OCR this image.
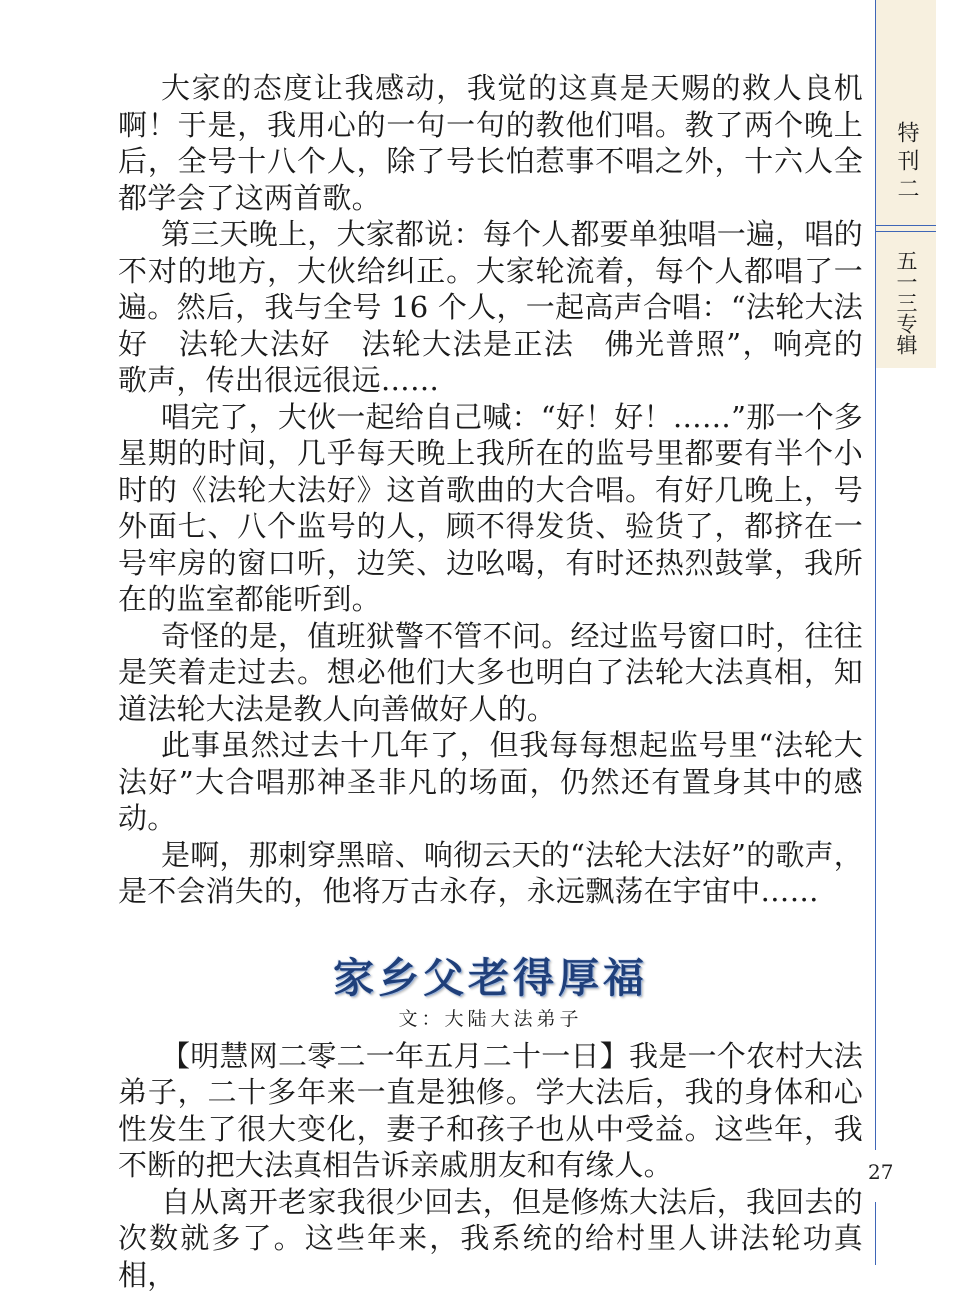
大家的态度让我感动，我觉的这真是天赐的救人良机啊！于是，我用心的一句一句的教他们唱。教了两个晚上后，全号十八个人，除了号长怕惹事不唱之外，十六人全都学会了这两首歌。

第三天晚上，大家都说：每个人都要单独唱一遍，唱的不对的地方，大伙给纠正。大家轮流着，每个人都唱了一遍。然后，我与全号 16 个人，一起高声合唱：“法轮大法好　法轮大法好　法轮大法是正法　佛光普照”，响亮的歌声，传出很远很远……

唱完了，大伙一起给自己喊：“好！好！……”那一个多星期的时间，几乎每天晚上我所在的监号里都要有半个小时的《法轮大法好》这首歌曲的大合唱。有好几晚上，号外面七、八个监号的人，顾不得发货、验货了，都挤在一号牢房的窗口听，边笑、边吆喝，有时还热烈鼓掌，我所在的监室都能听到。

奇怪的是，值班狱警不管不问。经过监号窗口时，往往是笑着走过去。想必他们大多也明白了法轮大法真相，知道法轮大法是教人向善做好人的。

此事虽然过去十几年了，但我每每想起监号里“法轮大法好”大合唱那神圣非凡的场面，仍然还有置身其中的感动。

是啊，那刺穿黑暗、响彻云天的“法轮大法好”的歌声，是不会消失的，他将万古永存，永远飘荡在宇宙中……

家乡父老得厚福
文：大陆大法弟子

【明慧网二零二一年五月二十一日】我是一个农村大法弟子，二十多年来一直是独修。学大法后，我的身体和心性发生了很大变化，妻子和孩子也从中受益。这些年，我不断的把大法真相告诉亲戚朋友和有缘人。

自从离开老家我很少回去，但是修炼大法后，我回去的次数就多了。这些年来，我系统的给村里人讲法轮功真相，

特刊二
五一三专辑
27
